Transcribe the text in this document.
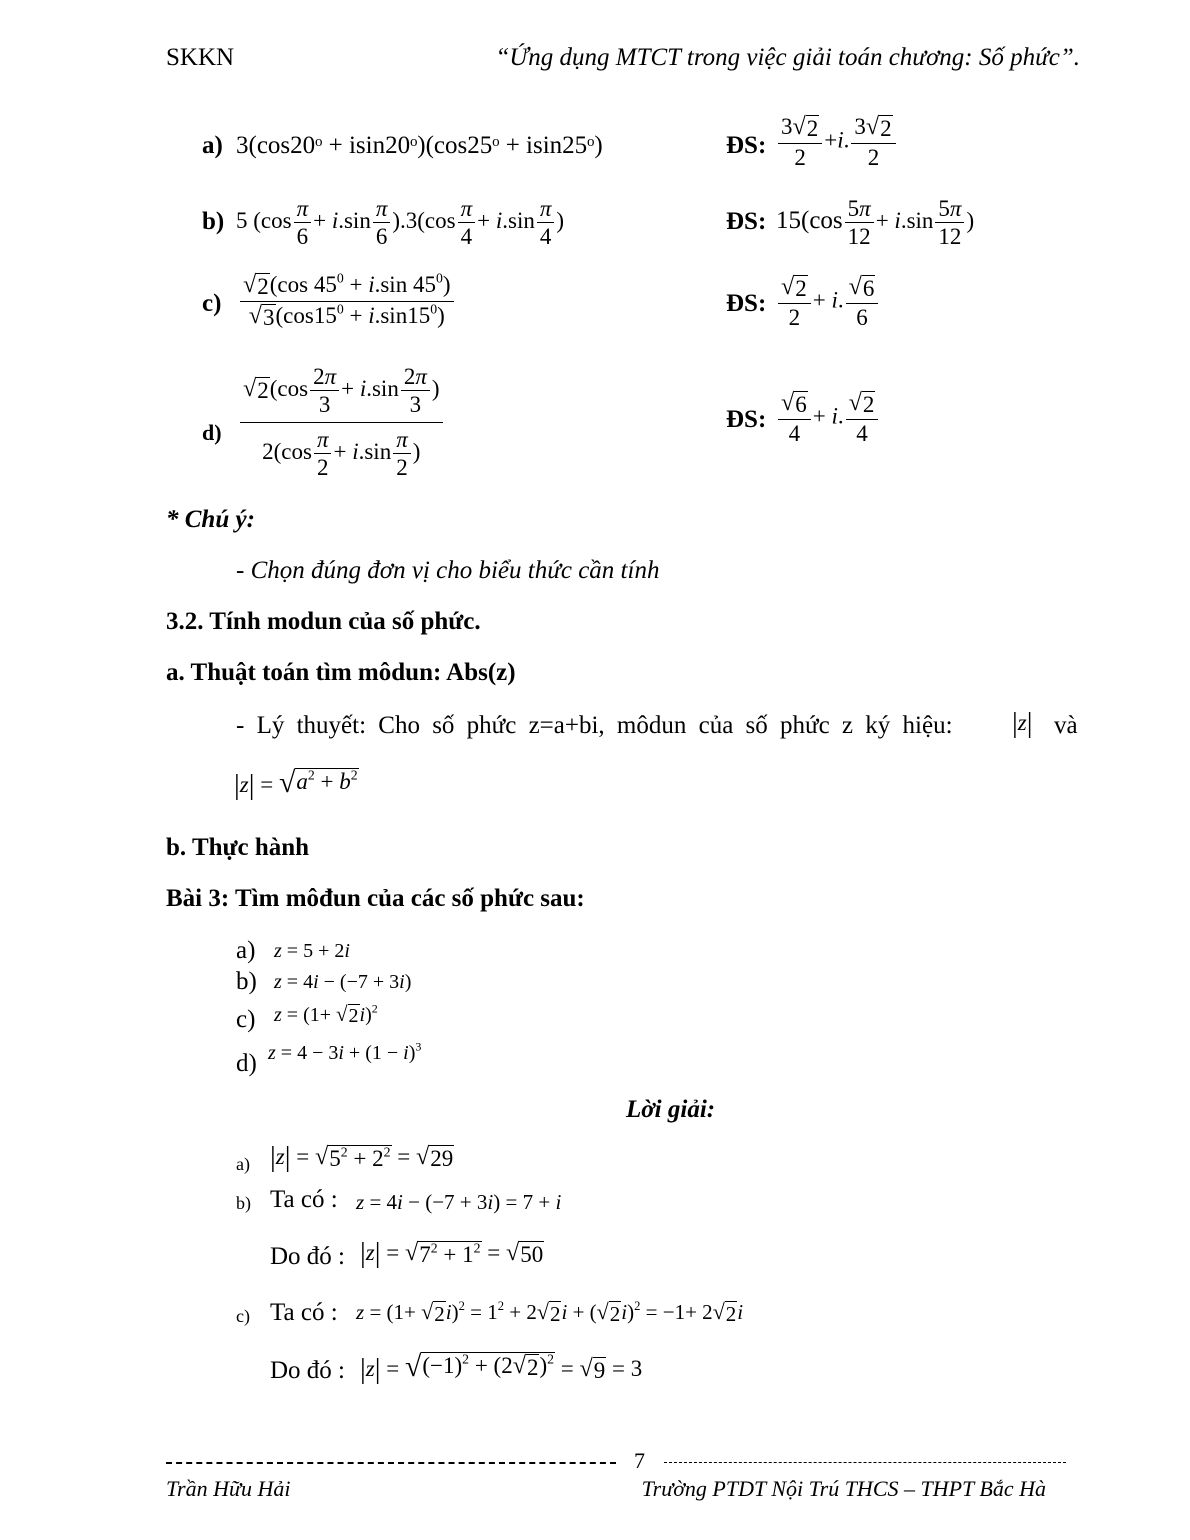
SKKN	“Ứng dụng MTCT trong việc giải toán chương: Số phức”.
a) 3(cos20ᵒ + isin20ᵒ)(cos25ᵒ + isin25ᵒ)	ĐS: $\frac{3 √ 2}{2} +i$. $\frac{3 √ 2}{2}$
b) 5 $(\cos \frac{\pi}{6} + i.\sin \frac{\pi}{6} ).3(\cos \frac{\pi}{4} + i.\sin \frac{\pi}{4}$ )	ĐS: $15(\cos \frac{5\pi}{12} + i.\sin \frac{5\pi}{12}$ )
$c) \frac{√ 2 (\cos 45^0 + i.\sin 45^0)}{√ 3 (\cos 15^0 + i.\sin 15^0)}$	ĐS: $\frac{√ 2}{2} + i$. $\frac{√ 6}{6}$
$d) \frac{√ 2 (\cos \frac{2\pi}{3} + i.\sin \frac{2\pi}{3} )}{2(\cos \frac{\pi}{2} + i.\sin \frac{\pi}{2} )}$	ĐS: $\frac{√ 6}{4} + i$. $\frac{√ 2}{4}$
* Chú ý:
- Chọn đúng đơn vị cho biểu thức cần tính
3.2. Tính modun của số phức.
a. Thuật toán tìm môdun: Abs(z)
- Lý thuyết: Cho số phức z=a+bi, môdun của số phức z ký hiệu: |z| và
|z| = √ $a^2 + b^2$
b. Thực hành
Bài 3: Tìm môđun của các số phức sau:
a) z = 5 + 2i
b) z = 4i − (−7 + 3i)
c) z = (1+ √ 2 i)$^2$
d) $z = 4 - 3i + (1 - i)^3$
Lời giải:
a) |z| = √ $5^2 + 2^2$ = √ 29
b) Ta có : z = 4i − (−7 + 3i) = 7 + i
Do đó : |z| = √ $7^2 + 1^2$ = √ 50
c) Ta có : z = (1+ √ 2 $i)^2 = 1^2 + 2$ √ 2 i + ( √ 2 i)$^2$ = −1+ 2 √ 2 i
Do đó : |z| = √ $(-1)^2 + (2$ √ 2 )$^2$ = √ 9 = 3
7
Trần Hữu Hải	Trường PTDT Nội Trú THCS – THPT Bắc Hà
